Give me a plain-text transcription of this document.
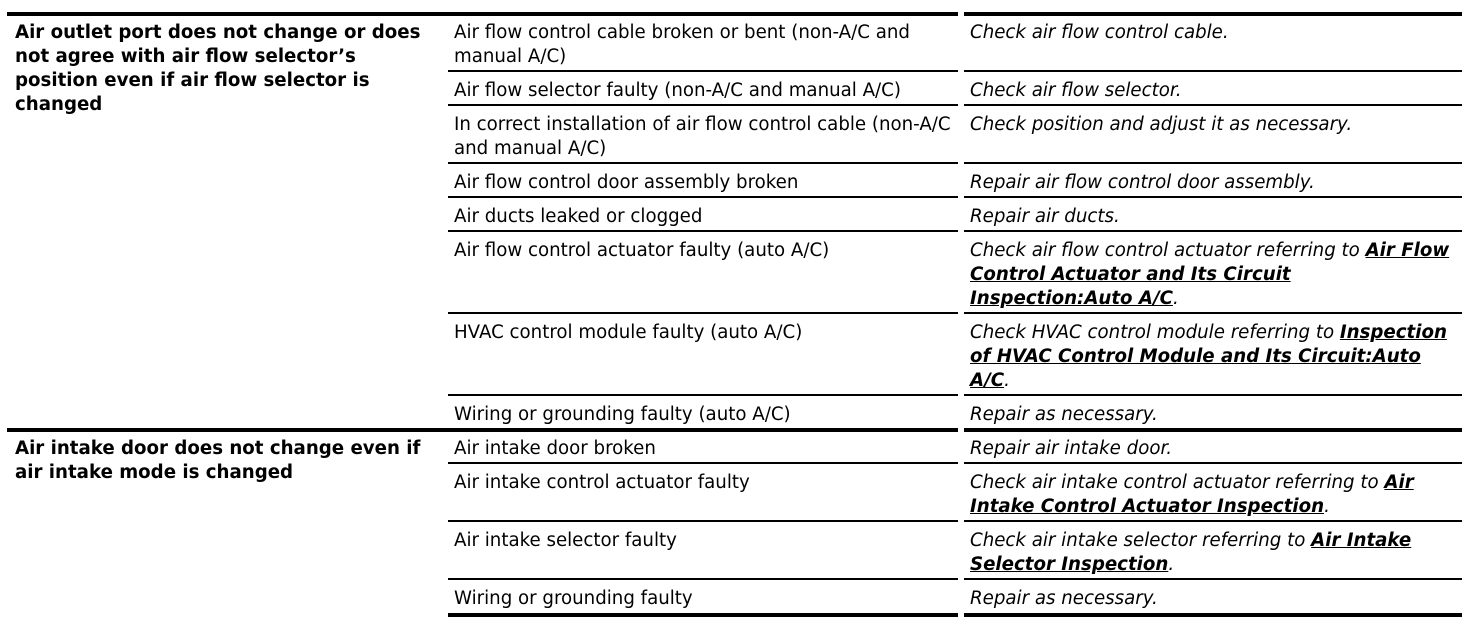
Air outlet port does not change or does not agree with air flow selector’s position even if air flow selector is changed	Air flow control cable broken or bent (non-A/C and manual A/C)	Check air flow control cable.
	Air flow selector faulty (non-A/C and manual A/C)	Check air flow selector.
	In correct installation of air flow control cable (non-A/C and manual A/C)	Check position and adjust it as necessary.
	Air flow control door assembly broken	Repair air flow control door assembly.
	Air ducts leaked or clogged	Repair air ducts.
	Air flow control actuator faulty (auto A/C)	Check air flow control actuator referring to Air Flow Control Actuator and Its Circuit Inspection:Auto A/C.
	HVAC control module faulty (auto A/C)	Check HVAC control module referring to Inspection of HVAC Control Module and Its Circuit:Auto A/C.
	Wiring or grounding faulty (auto A/C)	Repair as necessary.
Air intake door does not change even if air intake mode is changed	Air intake door broken	Repair air intake door.
	Air intake control actuator faulty	Check air intake control actuator referring to Air Intake Control Actuator Inspection.
	Air intake selector faulty	Check air intake selector referring to Air Intake Selector Inspection.
	Wiring or grounding faulty	Repair as necessary.
